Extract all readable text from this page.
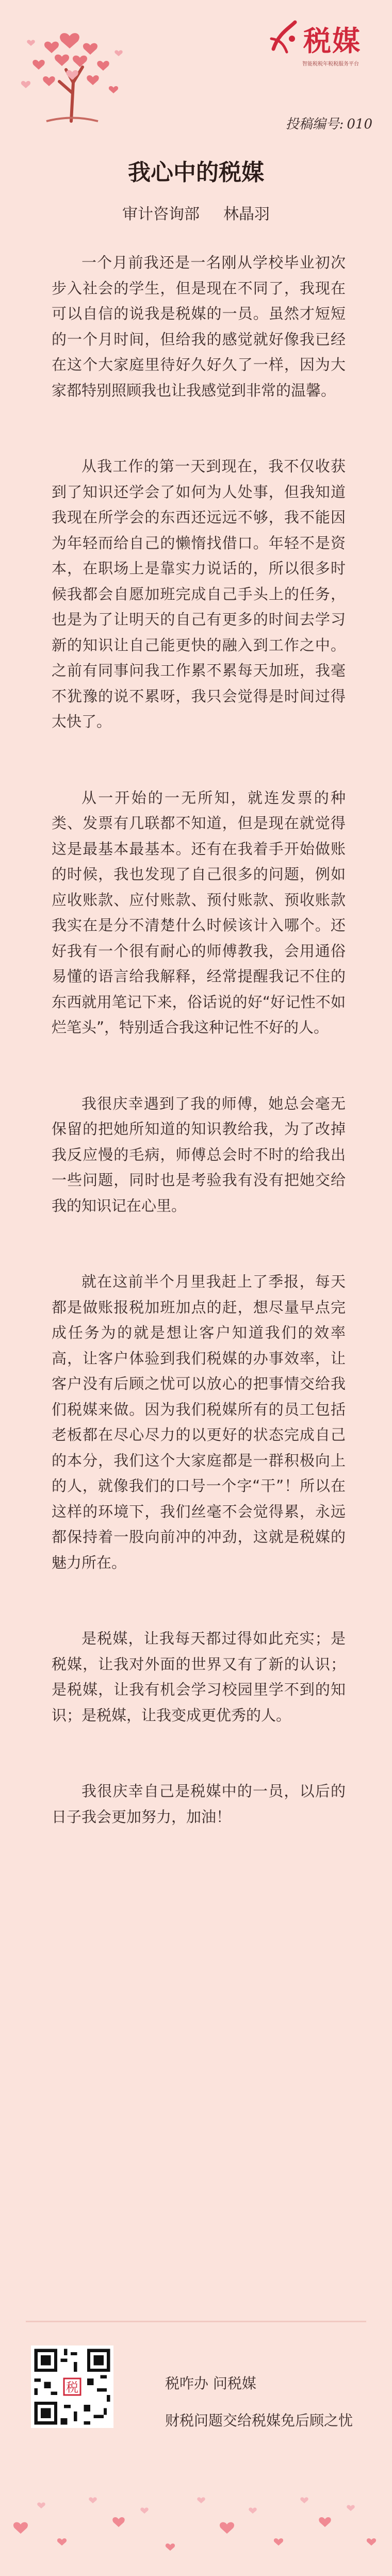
税媒
智能税税年税税服务平台
投稿编号: 010
我心中的税媒
审计咨询部 林晶羽

一个月前我还是一名刚从学校毕业初次步入社会的学生，但是现在不同了，我现在可以自信的说我是税媒的一员。虽然才短短的一个月时间，但给我的感觉就好像我已经在这个大家庭里待好久好久了一样，因为大家都特别照顾我也让我感觉到非常的温馨。

从我工作的第一天到现在，我不仅收获到了知识还学会了如何为人处事，但我知道我现在所学会的东西还远远不够，我不能因为年轻而给自己的懒惰找借口。年轻不是资本，在职场上是靠实力说话的，所以很多时候我都会自愿加班完成自己手头上的任务，也是为了让明天的自己有更多的时间去学习新的知识让自己能更快的融入到工作之中。之前有同事问我工作累不累每天加班，我毫不犹豫的说不累呀，我只会觉得是时间过得太快了。

从一开始的一无所知，就连发票的种类、发票有几联都不知道，但是现在就觉得这是最基本最基本。还有在我着手开始做账的时候，我也发现了自己很多的问题，例如应收账款、应付账款、预付账款、预收账款我实在是分不清楚什么时候该计入哪个。还好我有一个很有耐心的师傅教我，会用通俗易懂的语言给我解释，经常提醒我记不住的东西就用笔记下来，俗话说的好“好记性不如烂笔头”，特别适合我这种记性不好的人。

我很庆幸遇到了我的师傅，她总会毫无保留的把她所知道的知识教给我，为了改掉我反应慢的毛病，师傅总会时不时的给我出一些问题，同时也是考验我有没有把她交给我的知识记在心里。

就在这前半个月里我赶上了季报，每天都是做账报税加班加点的赶，想尽量早点完成任务为的就是想让客户知道我们的效率高，让客户体验到我们税媒的办事效率，让客户没有后顾之忧可以放心的把事情交给我们税媒来做。因为我们税媒所有的员工包括老板都在尽心尽力的以更好的状态完成自己的本分，我们这个大家庭都是一群积极向上的人，就像我们的口号一个字“干”！所以在这样的环境下，我们丝毫不会觉得累，永远都保持着一股向前冲的冲劲，这就是税媒的魅力所在。

是税媒，让我每天都过得如此充实；是税媒，让我对外面的世界又有了新的认识；是税媒，让我有机会学习校园里学不到的知识；是税媒，让我变成更优秀的人。

我很庆幸自己是税媒中的一员，以后的日子我会更加努力，加油！

税	税咋办 问税媒
财税问题交给税媒免后顾之忧
